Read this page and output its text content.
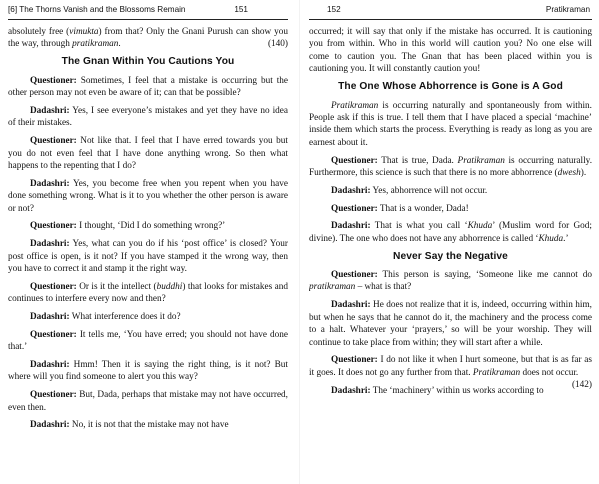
[6] The Thorns Vanish and the Blossoms Remain	151

absolutely free (vimukta) from that? Only the Gnani Purush can show you the way, through pratikraman.	(140)

The Gnan Within You Cautions You

Questioner: Sometimes, I feel that a mistake is occurring but the other person may not even be aware of it; can that be possible?

Dadashri: Yes, I see everyone’s mistakes and yet they have no idea of their mistakes.

Questioner: Not like that. I feel that I have erred towards you but you do not even feel that I have done anything wrong. So then what happens to the repenting that I do?

Dadashri: Yes, you become free when you repent when you have done something wrong. What is it to you whether the other person is aware or not?

Questioner: I thought, ‘Did I do something wrong?’

Dadashri: Yes, what can you do if his ‘post office’ is closed? Your post office is open, is it not? If you have stamped it the wrong way, then you have to correct it and stamp it the right way.

Questioner: Or is it the intellect (buddhi) that looks for mistakes and continues to interfere every now and then?

Dadashri: What interference does it do?

Questioner: It tells me, ‘You have erred; you should not have done that.’

Dadashri: Hmm! Then it is saying the right thing, is it not? But where will you find someone to alert you this way?

Questioner: But, Dada, perhaps that mistake may not have occurred, even then.

Dadashri: No, it is not that the mistake may not have

152	Pratikraman

occurred; it will say that only if the mistake has occurred. It is cautioning you from within. Who in this world will caution you? No one else will come to caution you. The Gnan that has been placed within you is cautioning you. It will constantly caution you!

The One Whose Abhorrence is Gone is A God

Pratikraman is occurring naturally and spontaneously from within. People ask if this is true. I tell them that I have placed a special ‘machine’ inside them which starts the process. Everything is ready as long as you are earnest about it.

Questioner: That is true, Dada. Pratikraman is occurring naturally. Furthermore, this science is such that there is no more abhorrence (dwesh).

Dadashri: Yes, abhorrence will not occur.

Questioner: That is a wonder, Dada!

Dadashri: That is what you call ‘Khuda’ (Muslim word for God; divine). The one who does not have any abhorrence is called ‘Khuda.’

Never Say the Negative

Questioner: This person is saying, ‘Someone like me cannot do pratikraman – what is that?

Dadashri: He does not realize that it is, indeed, occurring within him, but when he says that he cannot do it, the machinery and the process come to a halt. Whatever your ‘prayers,’ so will be your worship. They will continue to take place from within; they will start after a while.

Questioner: I do not like it when I hurt someone, but that is as far as it goes. It does not go any further from that. Pratikraman does not occur.
(142)

Dadashri: The ‘machinery’ within us works according to
